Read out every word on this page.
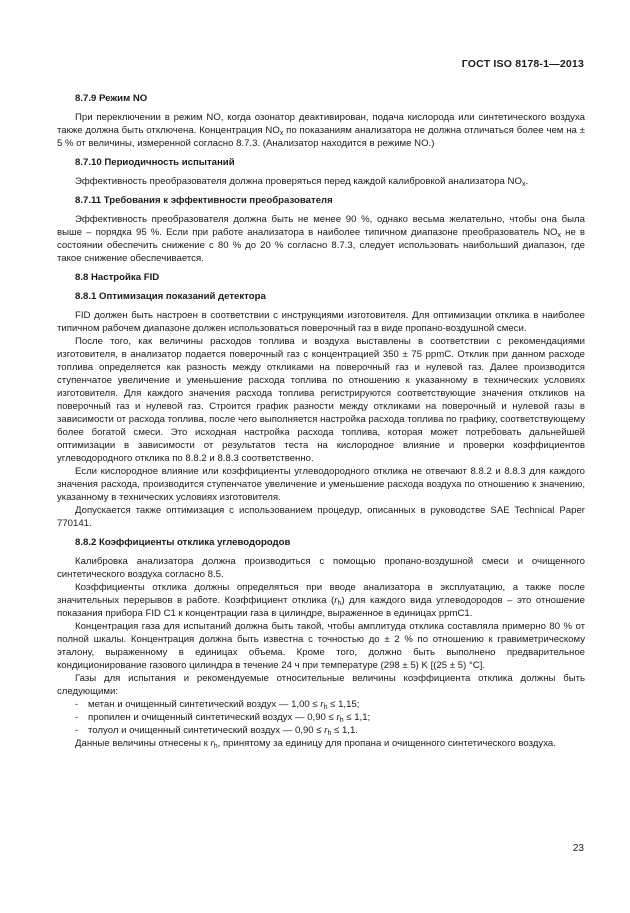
ГОСТ ISO 8178-1—2013
8.7.9 Режим NO

При переключении в режим NO, когда озонатор деактивирован, подача кислорода или синтетического воздуха также должна быть отключена. Концентрация $NO_x$ по показаниям анализатора не должна отличаться более чем на ± 5 % от величины, измеренной согласно 8.7.3. (Анализатор находится в режиме NO.)

8.7.10 Периодичность испытаний

Эффективность преобразователя должна проверяться перед каждой калибровкой анализатора $NO_x$.

8.7.11 Требования к эффективности преобразователя

Эффективность преобразователя должна быть не менее 90 %, однако весьма желательно, чтобы она была выше – порядка 95 %. Если при работе анализатора в наиболее типичном диапазоне преобразователь $NO_x$ не в состоянии обеспечить снижение с 80 % до 20 % согласно 8.7.3, следует использовать наибольший диапазон, где такое снижение обеспечивается.

8.8 Настройка FID
8.8.1 Оптимизация показаний детектора

FID должен быть настроен в соответствии с инструкциями изготовителя. Для оптимизации отклика в наиболее типичном рабочем диапазоне должен использоваться поверочный газ в виде пропано-воздушной смеси.

После того, как величины расходов топлива и воздуха выставлены в соответствии с рекомендациями изготовителя, в анализатор подается поверочный газ с концентрацией 350 ± 75 ppmC. Отклик при данном расходе топлива определяется как разность между откликами на поверочный газ и нулевой газ. Далее производится ступенчатое увеличение и уменьшение расхода топлива по отношению к указанному в технических условиях изготовителя. Для каждого значения расхода топлива регистрируются соответствующие значения откликов на поверочный газ и нулевой газ. Строится график разности между откликами на поверочный и нулевой газы в зависимости от расхода топлива, после чего выполняется настройка расхода топлива по графику, соответствующему более богатой смеси. Это исходная настройка расхода топлива, которая может потребовать дальнейшей оптимизации в зависимости от результатов теста на кислородное влияние и проверки коэффициентов углеводородного отклика по 8.8.2 и 8.8.3 соответственно.

Если кислородное влияние или коэффициенты углеводородного отклика не отвечают 8.8.2 и 8.8.3 для каждого значения расхода, производится ступенчатое увеличение и уменьшение расхода воздуха по отношению к значению, указанному в технических условиях изготовителя.

Допускается также оптимизация с использованием процедур, описанных в руководстве SAE Technical Paper 770141.

8.8.2 Коэффициенты отклика углеводородов

Калибровка анализатора должна производиться с помощью пропано-воздушной смеси и очищенного синтетического воздуха согласно 8.5.

Коэффициенты отклика должны определяться при вводе анализатора в эксплуатацию, а также после значительных перерывов в работе. Коэффициент отклика $(r_h)$ для каждого вида углеводородов – это отношение показания прибора FID C1 к концентрации газа в цилиндре, выраженное в единицах ppmC1.

Концентрация газа для испытаний должна быть такой, чтобы амплитуда отклика составляла примерно 80 % от полной шкалы. Концентрация должна быть известна с точностью до ± 2 % по отношению к гравиметрическому эталону, выраженному в единицах объема. Кроме того, должно быть выполнено предварительное кондиционирование газового цилиндра в течение 24 ч при температуре (298 ± 5) K [(25 ± 5) °C].

Газы для испытания и рекомендуемые относительные величины коэффициента отклика должны быть следующими:

- метан и очищенный синтетический воздух — $1,00 \le r_h \le 1,15$;
- пропилен и очищенный синтетический воздух — $0,90 \le r_h \le 1,1$;
- толуол и очищенный синтетический воздух — $0,90 \le r_h \le 1,1$.

Данные величины отнесены к $r_h$, принятому за единицу для пропана и очищенного синтетического воздуха.

23
